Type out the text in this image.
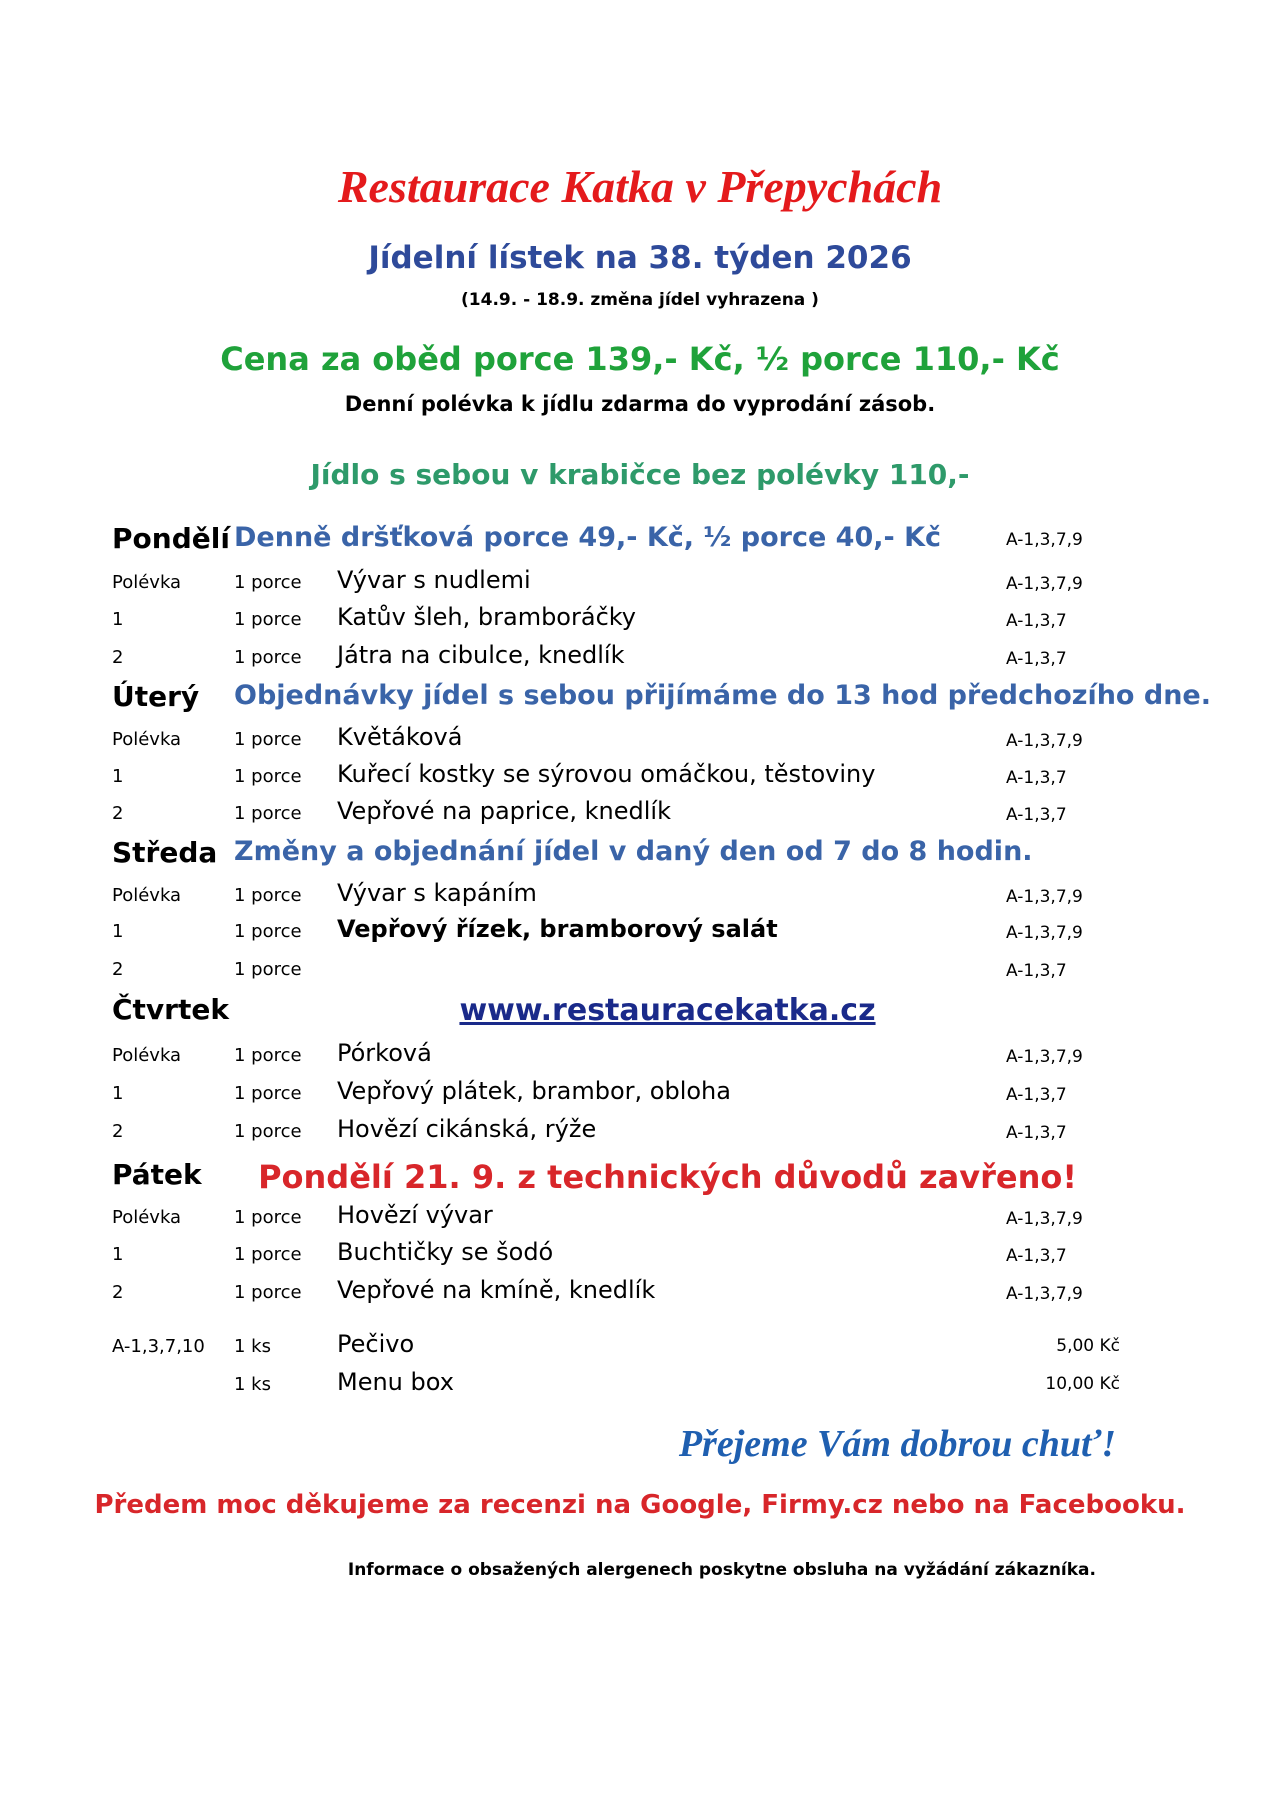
Restaurace Katka v Přepychách
Jídelní lístek na 38. týden 2026
(14.9. - 18.9. změna jídel vyhrazena )
Cena za oběd porce 139,- Kč, ½ porce 110,- Kč
Denní polévka k jídlu zdarma do vyprodání zásob.
Jídlo s sebou v krabičce bez polévky 110,-
Pondělí Denně dršťková porce 49,- Kč, ½ porce 40,- Kč	A-1,3,7,9
Polévka	1 porce Vývar s nudlemi	A-1,3,7,9
1	1 porce Katův šleh, bramboráčky	A-1,3,7
2	1 porce Játra na cibulce, knedlík	A-1,3,7
Úterý Objednávky jídel s sebou přijímáme do 13 hod předchozího dne.
Polévka	1 porce Květáková	A-1,3,7,9
1	1 porce Kuřecí kostky se sýrovou omáčkou, těstoviny	A-1,3,7
2	1 porce Vepřové na paprice, knedlík	A-1,3,7
Středa Změny a objednání jídel v daný den od 7 do 8 hodin.
Polévka	1 porce Vývar s kapáním	A-1,3,7,9
1	1 porce Vepřový řízek, bramborový salát	A-1,3,7,9
2	1 porce	A-1,3,7
Čtvrtek	www.restauracekatka.cz
Polévka	1 porce Pórková	A-1,3,7,9
1	1 porce Vepřový plátek, brambor, obloha	A-1,3,7
2	1 porce Hovězí cikánská, rýže	A-1,3,7
Pátek	Pondělí 21. 9. z technických důvodů zavřeno!
Polévka	1 porce Hovězí vývar	A-1,3,7,9
1	1 porce Buchtičky se šodó	A-1,3,7
2	1 porce Vepřové na kmíně, knedlík	A-1,3,7,9
A-1,3,7,10 1 ks	Pečivo	5,00 Kč
1 ks	Menu box	10,00 Kč
Přejeme Vám dobrou chuť!
Předem moc děkujeme za recenzi na Google, Firmy.cz nebo na Facebooku.
Informace o obsažených alergenech poskytne obsluha na vyžádání zákazníka.
